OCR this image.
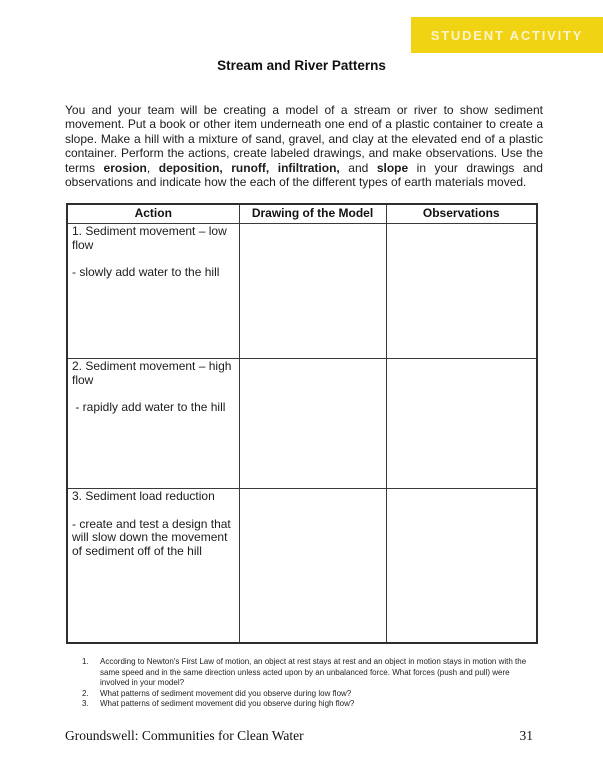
STUDENT ACTIVITY
Stream and River Patterns

You and your team will be creating a model of a stream or river to show sediment movement. Put a book or other item underneath one end of a plastic container to create a slope. Make a hill with a mixture of sand, gravel, and clay at the elevated end of a plastic container. Perform the actions, create labeled drawings, and make observations. Use the terms erosion, deposition, runoff, infiltration, and slope in your drawings and observations and indicate how the each of the different types of earth materials moved.

Action	Drawing of the Model	Observations

1. Sediment movement – low flow
- slowly add water to the hill		

2. Sediment movement – high flow
- rapidly add water to the hill		

3. Sediment load reduction
- create and test a design that will slow down the movement of sediment off of the hill		

1.	According to Newton's First Law of motion, an object at rest stays at rest and an object in motion stays in motion with the same speed and in the same direction unless acted upon by an unbalanced force. What forces (push and pull) were involved in your model?
2.	What patterns of sediment movement did you observe during low flow?
3.	What patterns of sediment movement did you observe during high flow?
Groundswell: Communities for Clean Water	31
